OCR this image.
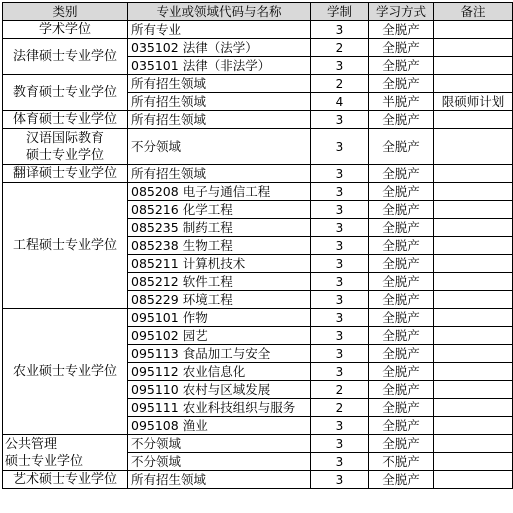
类别	专业或领域代码与名称	学制	学习方式	备注
学术学位	所有专业	3	全脱产	
法律硕士专业学位	035102 法律（法学）	2	全脱产	
	035101 法律（非法学）	3	全脱产	
教育硕士专业学位	所有招生领域	2	全脱产	
	所有招生领域	4	半脱产	限硕师计划
体育硕士专业学位	所有招生领域	3	全脱产	

汉语国际教育
硕士专业学位	不分领域	3	全脱产	
翻译硕士专业学位	所有招生领域	3	全脱产	
工程硕士专业学位	085208 电子与通信工程	3	全脱产	
	085216 化学工程	3	全脱产	
	085235 制药工程	3	全脱产	
	085238 生物工程	3	全脱产	
	085211 计算机技术	3	全脱产	
	085212 软件工程	3	全脱产	
	085229 环境工程	3	全脱产	
农业硕士专业学位	095101 作物	3	全脱产	
	095102 园艺	3	全脱产	
	095113 食品加工与安全	3	全脱产	
	095112 农业信息化	3	全脱产	
	095110 农村与区域发展	2	全脱产	
	095111 农业科技组织与服务	2	全脱产	
	095108 渔业	3	全脱产	

公共管理
硕士专业学位	不分领域	3	全脱产	
	不分领域	3	不脱产	
艺术硕士专业学位	所有招生领域	3	全脱产	
